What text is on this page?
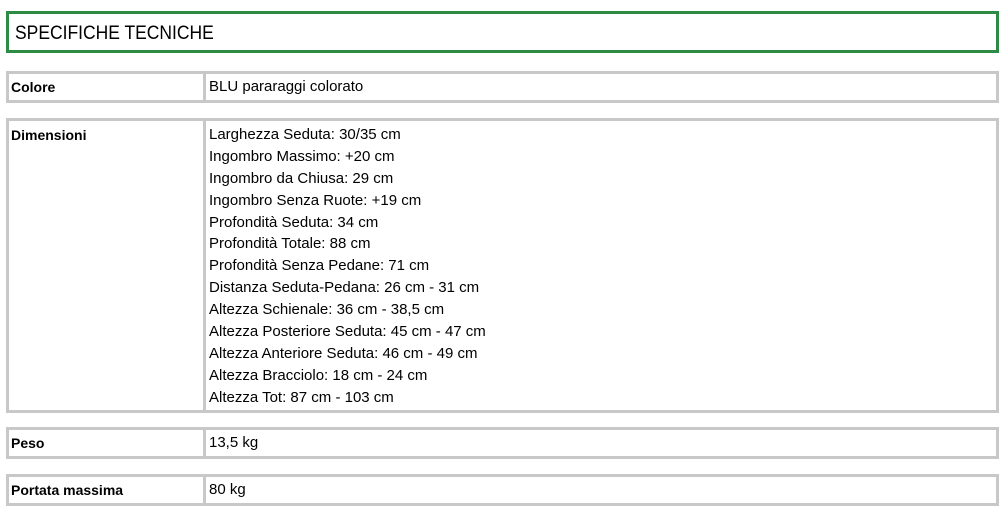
SPECIFICHE TECNICHE
Colore	BLU pararaggi colorato
Dimensioni	Larghezza Seduta: 30/35 cm
Ingombro Massimo: +20 cm
Ingombro da Chiusa: 29 cm
Ingombro Senza Ruote: +19 cm
Profondità Seduta: 34 cm
Profondità Totale: 88 cm
Profondità Senza Pedane: 71 cm
Distanza Seduta-Pedana: 26 cm - 31 cm
Altezza Schienale: 36 cm - 38,5 cm
Altezza Posteriore Seduta: 45 cm - 47 cm
Altezza Anteriore Seduta: 46 cm - 49 cm
Altezza Bracciolo: 18 cm - 24 cm
Altezza Tot: 87 cm - 103 cm
Peso	13,5 kg
Portata massima	80 kg
